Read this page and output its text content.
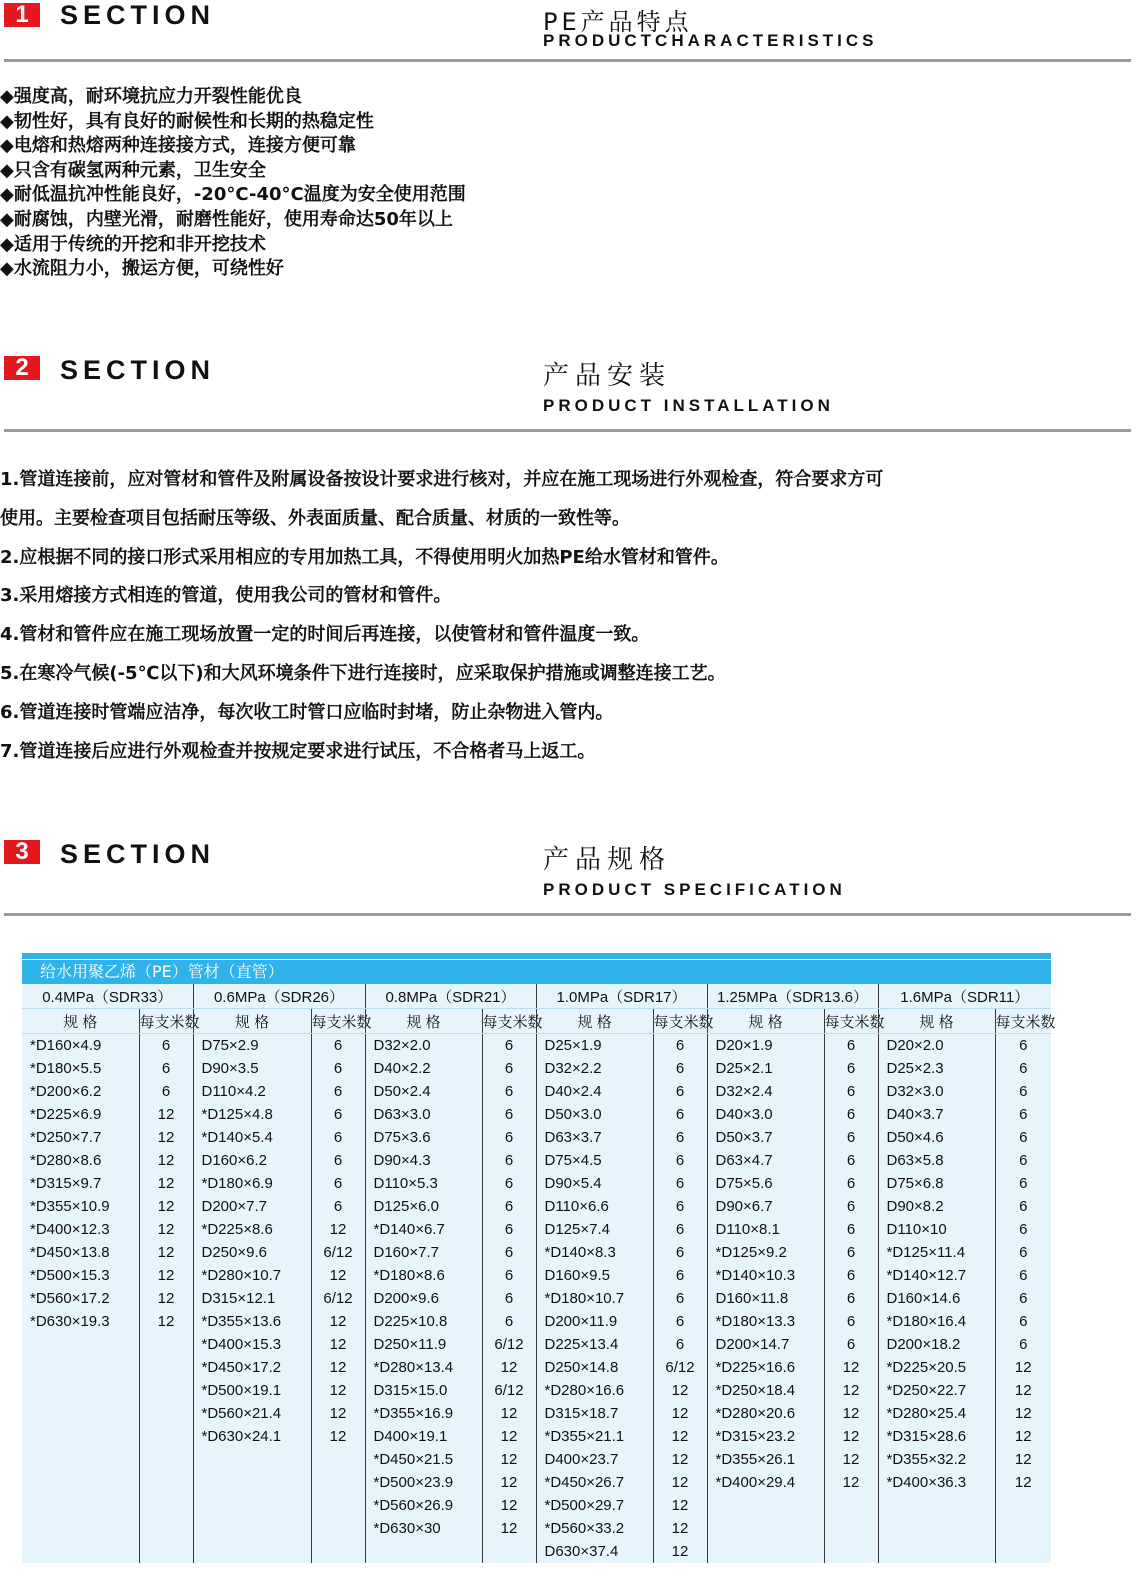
1	SECTION	PE产品特点
PRODUCTCHARACTERISTICS
◆强度高，耐环境抗应力开裂性能优良
◆韧性好，具有良好的耐候性和长期的热稳定性
◆电熔和热熔两种连接接方式，连接方便可靠
◆只含有碳氢两种元素，卫生安全
◆耐低温抗冲性能良好，-20°C-40°C温度为安全使用范围
◆耐腐蚀，内壁光滑，耐磨性能好，使用寿命达50年以上
◆适用于传统的开挖和非开挖技术
◆水流阻力小，搬运方便，可绕性好
2	SECTION	产品安装
PRODUCT INSTALLATION
1.管道连接前，应对管材和管件及附属设备按设计要求进行核对，并应在施工现场进行外观检查，符合要求方可
使用。主要检查项目包括耐压等级、外表面质量、配合质量、材质的一致性等。
2.应根据不同的接口形式采用相应的专用加热工具，不得使用明火加热PE给水管材和管件。
3.采用熔接方式相连的管道，使用我公司的管材和管件。
4.管材和管件应在施工现场放置一定的时间后再连接，以使管材和管件温度一致。
5.在寒冷气候(-5℃以下)和大风环境条件下进行连接时，应采取保护措施或调整连接工艺。
6.管道连接时管端应洁净，每次收工时管口应临时封堵，防止杂物进入管内。
7.管道连接后应进行外观检查并按规定要求进行试压，不合格者马上返工。
3	SECTION	产品规格
PRODUCT SPECIFICATION
给水用聚乙烯（PE）管材（直管）
0.4MPa（SDR33）		0.6MPa（SDR26）		0.8MPa（SDR21）		1.0MPa（SDR17）		1.25MPa（SDR13.6）		1.6MPa（SDR11）	
规 格	每支米数	规 格	每支米数	规 格	每支米数	规 格	每支米数	规 格	每支米数	规 格	每支米数
*D160×4.9	6	D75×2.9	6	D32×2.0	6	D25×1.9	6	D20×1.9	6	D20×2.0	6
*D180×5.5	6	D90×3.5	6	D40×2.2	6	D32×2.2	6	D25×2.1	6	D25×2.3	6
*D200×6.2	6	D110×4.2	6	D50×2.4	6	D40×2.4	6	D32×2.4	6	D32×3.0	6
*D225×6.9	12	*D125×4.8	6	D63×3.0	6	D50×3.0	6	D40×3.0	6	D40×3.7	6
*D250×7.7	12	*D140×5.4	6	D75×3.6	6	D63×3.7	6	D50×3.7	6	D50×4.6	6
*D280×8.6	12	D160×6.2	6	D90×4.3	6	D75×4.5	6	D63×4.7	6	D63×5.8	6
*D315×9.7	12	*D180×6.9	6	D110×5.3	6	D90×5.4	6	D75×5.6	6	D75×6.8	6
*D355×10.9	12	D200×7.7	6	D125×6.0	6	D110×6.6	6	D90×6.7	6	D90×8.2	6
*D400×12.3	12	*D225×8.6	12	*D140×6.7	6	D125×7.4	6	D110×8.1	6	D110×10	6
*D450×13.8	12	D250×9.6	6/12	D160×7.7	6	*D140×8.3	6	*D125×9.2	6	*D125×11.4	6
*D500×15.3	12	*D280×10.7	12	*D180×8.6	6	D160×9.5	6	*D140×10.3	6	*D140×12.7	6
*D560×17.2	12	D315×12.1	6/12	D200×9.6	6	*D180×10.7	6	D160×11.8	6	D160×14.6	6
*D630×19.3	12	*D355×13.6	12	D225×10.8	6	D200×11.9	6	*D180×13.3	6	*D180×16.4	6
		*D400×15.3	12	D250×11.9	6/12	D225×13.4	6	D200×14.7	6	D200×18.2	6
		*D450×17.2	12	*D280×13.4	12	D250×14.8	6/12	*D225×16.6	12	*D225×20.5	12
		*D500×19.1	12	D315×15.0	6/12	*D280×16.6	12	*D250×18.4	12	*D250×22.7	12
		*D560×21.4	12	*D355×16.9	12	D315×18.7	12	*D280×20.6	12	*D280×25.4	12
		*D630×24.1	12	D400×19.1	12	*D355×21.1	12	*D315×23.2	12	*D315×28.6	12
				*D450×21.5	12	D400×23.7	12	*D355×26.1	12	*D355×32.2	12
				*D500×23.9	12	*D450×26.7	12	*D400×29.4	12	*D400×36.3	12
				*D560×26.9	12	*D500×29.7	12				
				*D630×30	12	*D560×33.2	12				
						D630×37.4	12				
